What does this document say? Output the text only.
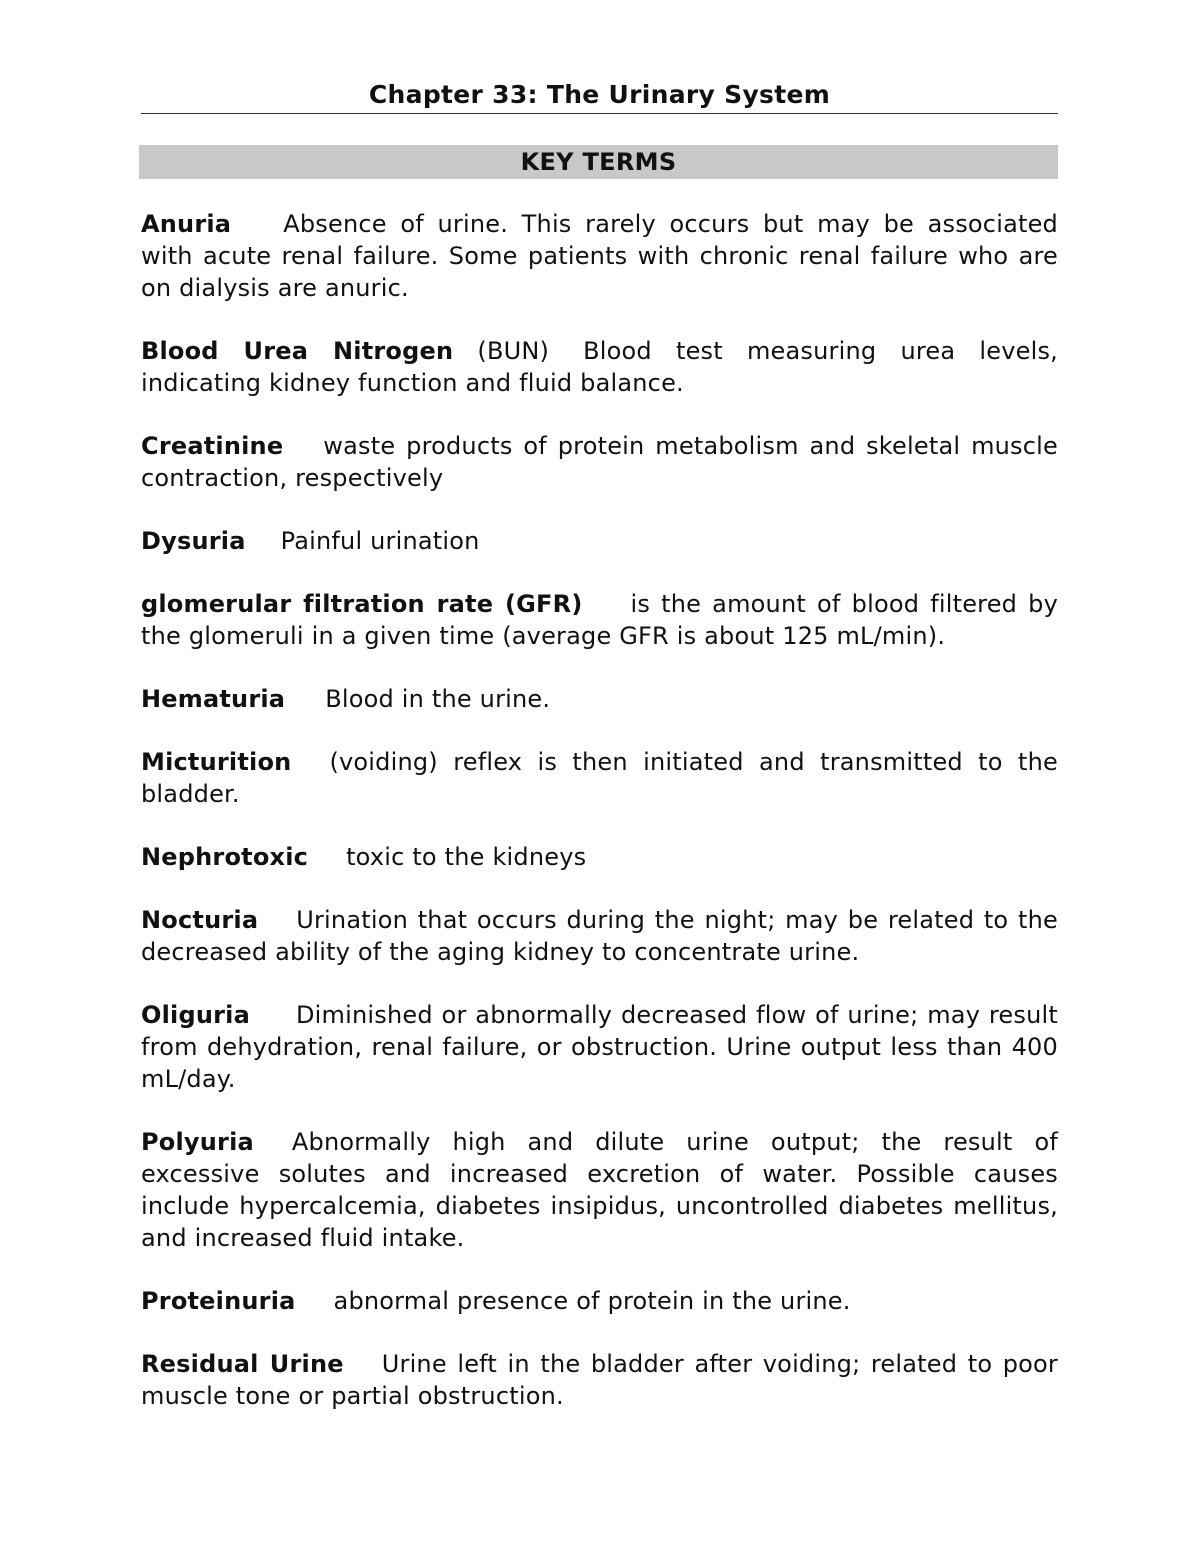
Chapter 33: The Urinary System
KEY TERMS

Anuria Absence of urine. This rarely occurs but may be associated with acute renal failure. Some patients with chronic renal failure who are on dialysis are anuric.

Blood Urea Nitrogen (BUN) Blood test measuring urea levels, indicating kidney function and fluid balance.

Creatinine waste products of protein metabolism and skeletal muscle contraction, respectively

Dysuria Painful urination

glomerular filtration rate (GFR) is the amount of blood filtered by the glomeruli in a given time (average GFR is about 125 mL/min).

Hematuria Blood in the urine.

Micturition (voiding) reflex is then initiated and transmitted to the bladder.

Nephrotoxic toxic to the kidneys

Nocturia Urination that occurs during the night; may be related to the decreased ability of the aging kidney to concentrate urine.

Oliguria Diminished or abnormally decreased flow of urine; may result from dehydration, renal failure, or obstruction. Urine output less than 400 mL/day.

Polyuria Abnormally high and dilute urine output; the result of excessive solutes and increased excretion of water. Possible causes include hypercalcemia, diabetes insipidus, uncontrolled diabetes mellitus, and increased fluid intake.

Proteinuria abnormal presence of protein in the urine.

Residual Urine Urine left in the bladder after voiding; related to poor muscle tone or partial obstruction.
